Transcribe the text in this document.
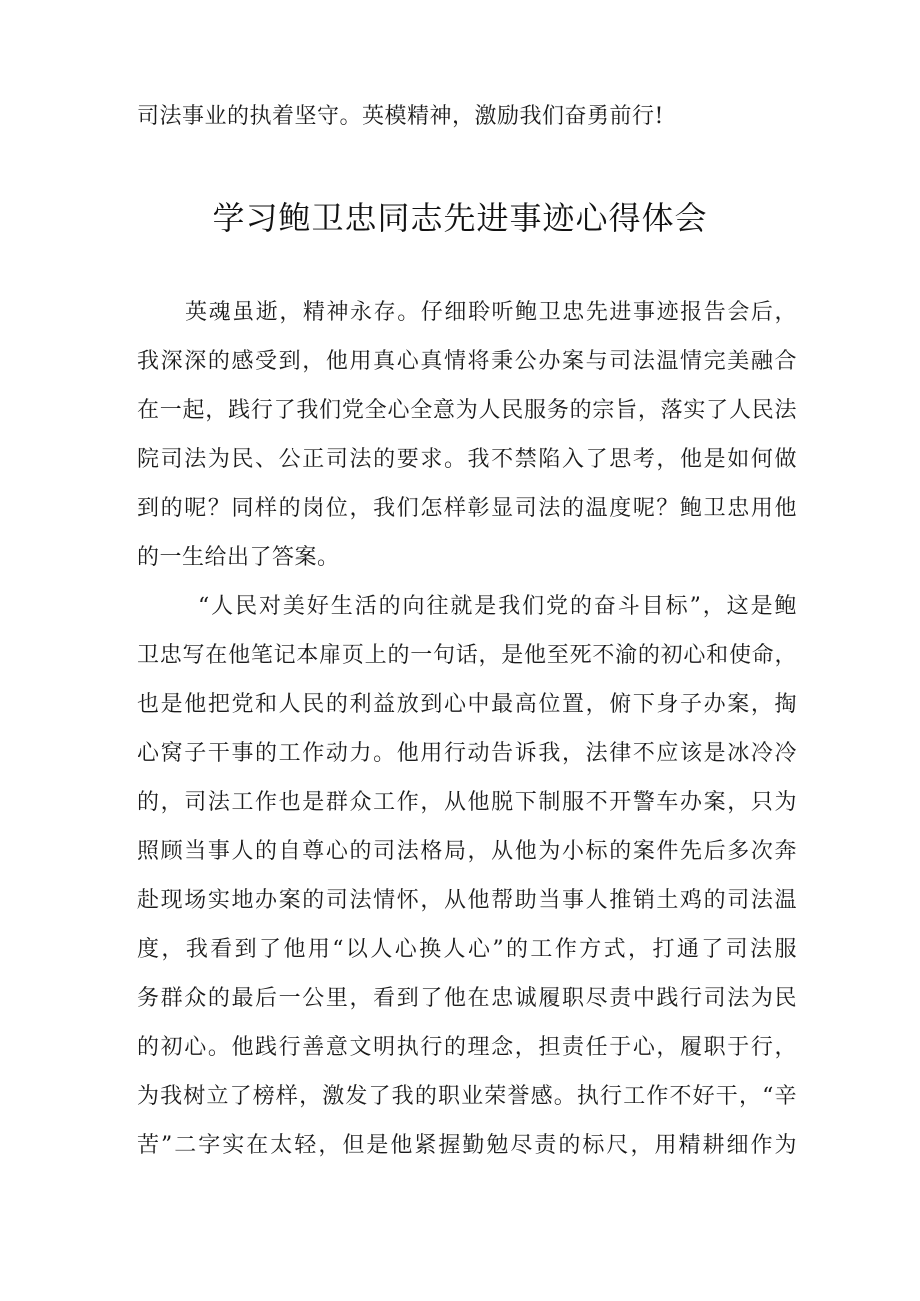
司法事业的执着坚守。英模精神，激励我们奋勇前行!
学习鲍卫忠同志先进事迹心得体会
英魂虽逝，精神永存。仔细聆听鲍卫忠先进事迹报告会后，
我深深的感受到，他用真心真情将秉公办案与司法温情完美融合
在一起，践行了我们党全心全意为人民服务的宗旨，落实了人民法
院司法为民、公正司法的要求。我不禁陷入了思考，他是如何做
到的呢？同样的岗位，我们怎样彰显司法的温度呢？鲍卫忠用他
的一生给出了答案。
“人民对美好生活的向往就是我们党的奋斗目标”，这是鲍
卫忠写在他笔记本扉页上的一句话，是他至死不渝的初心和使命，
也是他把党和人民的利益放到心中最高位置，俯下身子办案，掏
心窝子干事的工作动力。他用行动告诉我，法律不应该是冰冷冷
的，司法工作也是群众工作，从他脱下制服不开警车办案，只为
照顾当事人的自尊心的司法格局，从他为小标的案件先后多次奔
赴现场实地办案的司法情怀，从他帮助当事人推销土鸡的司法温
度，我看到了他用“以人心换人心”的工作方式，打通了司法服
务群众的最后一公里，看到了他在忠诚履职尽责中践行司法为民
的初心。他践行善意文明执行的理念，担责任于心，履职于行，
为我树立了榜样，激发了我的职业荣誉感。执行工作不好干，“辛
苦”二字实在太轻，但是他紧握勤勉尽责的标尺，用精耕细作为
